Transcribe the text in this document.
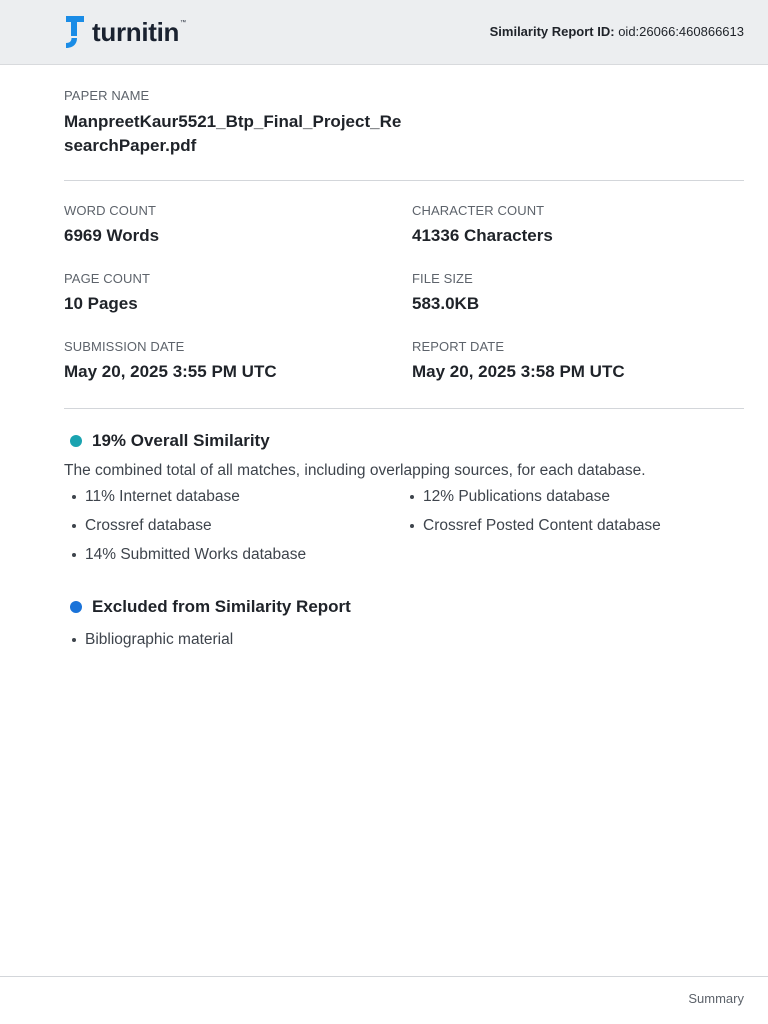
turnitin ™
Similarity Report ID: oid:26066:460866613
PAPER NAME
ManpreetKaur5521_Btp_Final_Project_ResearchPaper.pdf
WORD COUNT
6969 Words
CHARACTER COUNT
41336 Characters
PAGE COUNT
10 Pages
FILE SIZE
583.0KB
SUBMISSION DATE
May 20, 2025 3:55 PM UTC
REPORT DATE
May 20, 2025 3:58 PM UTC
19% Overall Similarity
The combined total of all matches, including overlapping sources, for each database.
11% Internet database	12% Publications database
Crossref database	Crossref Posted Content database
14% Submitted Works database
Excluded from Similarity Report
Bibliographic material
Summary
